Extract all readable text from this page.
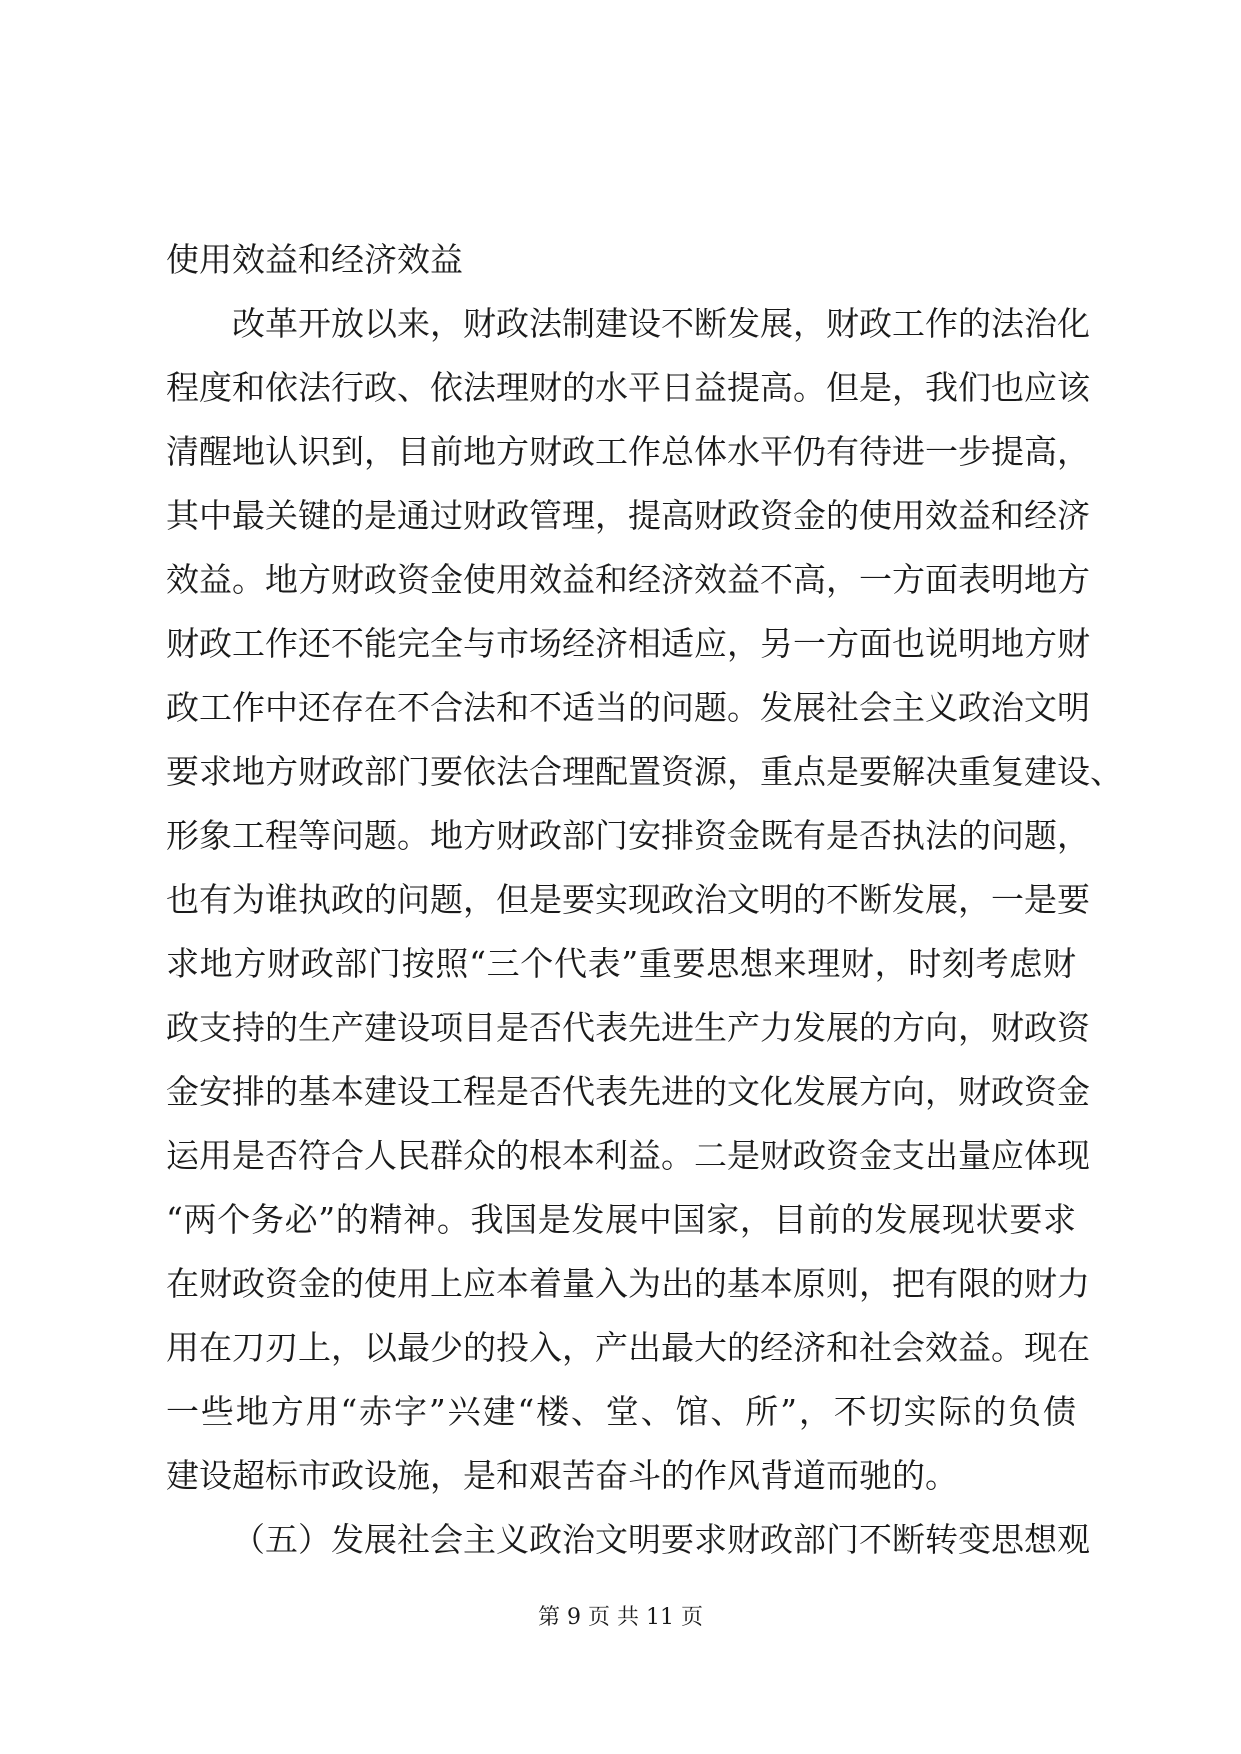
使用效益和经济效益
改革开放以来，财政法制建设不断发展，财政工作的法治化
程度和依法行政、依法理财的水平日益提高。但是，我们也应该
清醒地认识到，目前地方财政工作总体水平仍有待进一步提高，
其中最关键的是通过财政管理，提高财政资金的使用效益和经济
效益。地方财政资金使用效益和经济效益不高，一方面表明地方
财政工作还不能完全与市场经济相适应，另一方面也说明地方财
政工作中还存在不合法和不适当的问题。发展社会主义政治文明
要求地方财政部门要依法合理配置资源，重点是要解决重复建设、
形象工程等问题。地方财政部门安排资金既有是否执法的问题，
也有为谁执政的问题，但是要实现政治文明的不断发展，一是要
求地方财政部门按照“三个代表”重要思想来理财，时刻考虑财
政支持的生产建设项目是否代表先进生产力发展的方向，财政资
金安排的基本建设工程是否代表先进的文化发展方向，财政资金
运用是否符合人民群众的根本利益。二是财政资金支出量应体现
“两个务必”的精神。我国是发展中国家，目前的发展现状要求
在财政资金的使用上应本着量入为出的基本原则，把有限的财力
用在刀刃上，以最少的投入，产出最大的经济和社会效益。现在
一些地方用“赤字”兴建“楼、堂、馆、所”，不切实际的负债
建设超标市政设施，是和艰苦奋斗的作风背道而驰的。
（五）发展社会主义政治文明要求财政部门不断转变思想观
第 9 页 共 11 页
